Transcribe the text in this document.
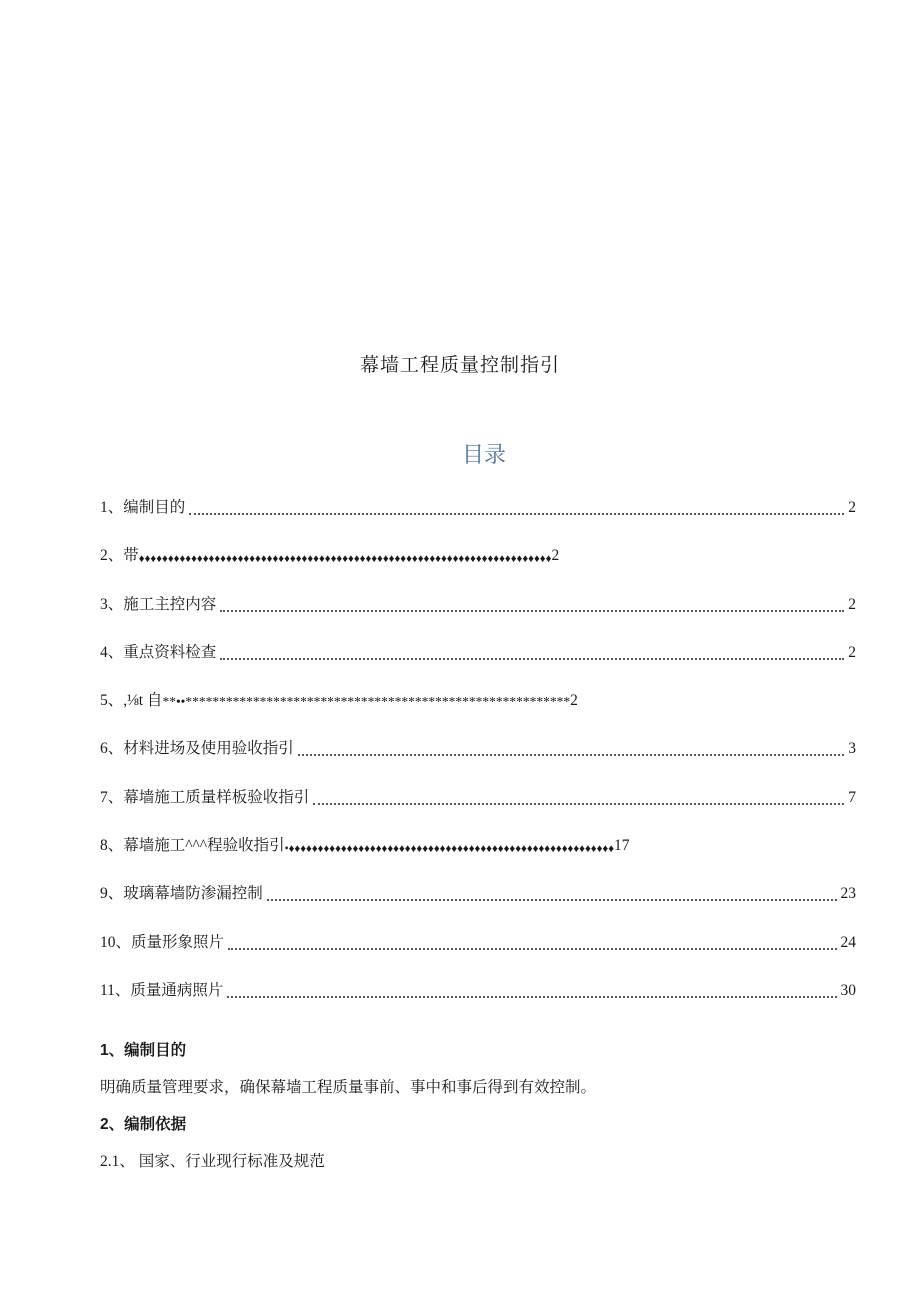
幕墙工程质量控制指引
目录
1、编制目的	2
2、带 ♦♦♦♦♦♦♦♦♦♦♦♦♦♦♦♦♦♦♦♦♦♦♦♦♦♦♦♦♦♦♦♦♦♦♦♦♦♦♦♦♦♦♦♦♦♦♦♦♦♦♦♦♦♦♦♦♦♦♦♦♦♦♦♦♦♦♦♦♦♦♦ 2
3、施工主控内容	2
4、重点资料检查	2
5、,⅛t 自 **••********************************************************* 2
6、材料进场及使用验收指引	3
7、幕墙施工质量样板验收指引	7
8、幕墙施工^^^程验收指引 •♦♦♦♦♦♦♦♦♦♦♦♦♦♦♦♦♦♦♦♦♦♦♦♦♦♦♦♦♦♦♦♦♦♦♦♦♦♦♦♦♦♦♦♦♦♦♦♦♦♦♦♦♦♦♦♦ 17
9、玻璃幕墙防渗漏控制	23
10、质量形象照片	24
11、质量通病照片	30
1、编制目的
明确质量管理要求，确保幕墙工程质量事前、事中和事后得到有效控制。
2、编制依据
2.1、 国家、行业现行标准及规范
